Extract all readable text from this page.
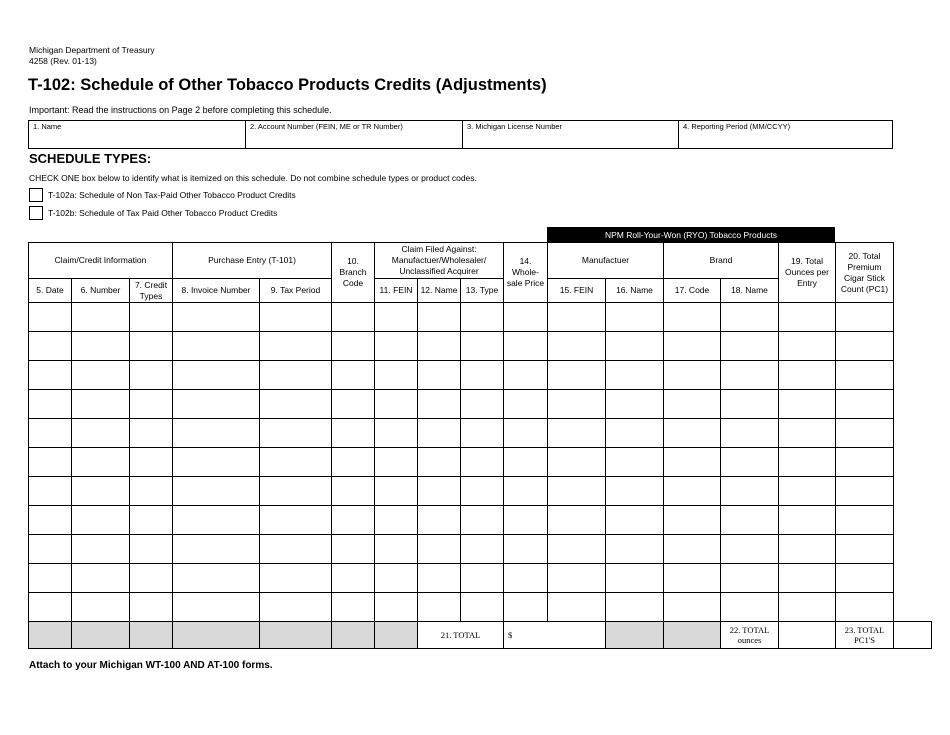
Michigan Department of Treasury
4258 (Rev. 01-13)
T-102: Schedule of Other Tobacco Products Credits (Adjustments)
Important: Read the instructions on Page 2 before completing this schedule.
1. Name	2. Account Number (FEIN, ME or TR Number)	3. Michigan License Number	4. Reporting Period (MM/CCYY)
SCHEDULE TYPES:
CHECK ONE box below to identify what is itemized on this schedule. Do not combine schedule types or product codes.
T-102a: Schedule of Non Tax-Paid Other Tobacco Product Credits
T-102b: Schedule of Tax Paid Other Tobacco Product Credits
NPM Roll-Your-Won (RYO) Tobacco Products
Claim/Credit Information			Purchase Entry (T-101)		10. Branch Code	Claim Filed Against: Manufactuer/Wholesaler/ Unclassified Acquirer			14. Whole-sale Price	Manufactuer		Brand		19. Total Ounces per Entry	20. Total Premium Cigar Stick Count (PC1)	
5. Date	6. Number	7. Credit Types	8. Invoice Number	9. Tax Period		11. FEIN	12. Name	13. Type		15. FEIN	16. Name	17. Code	18. Name			

							21. TOTAL		$				22. TOTAL ounces		23. TOTAL PC1'S	
Attach to your Michigan WT-100 AND AT-100 forms.
